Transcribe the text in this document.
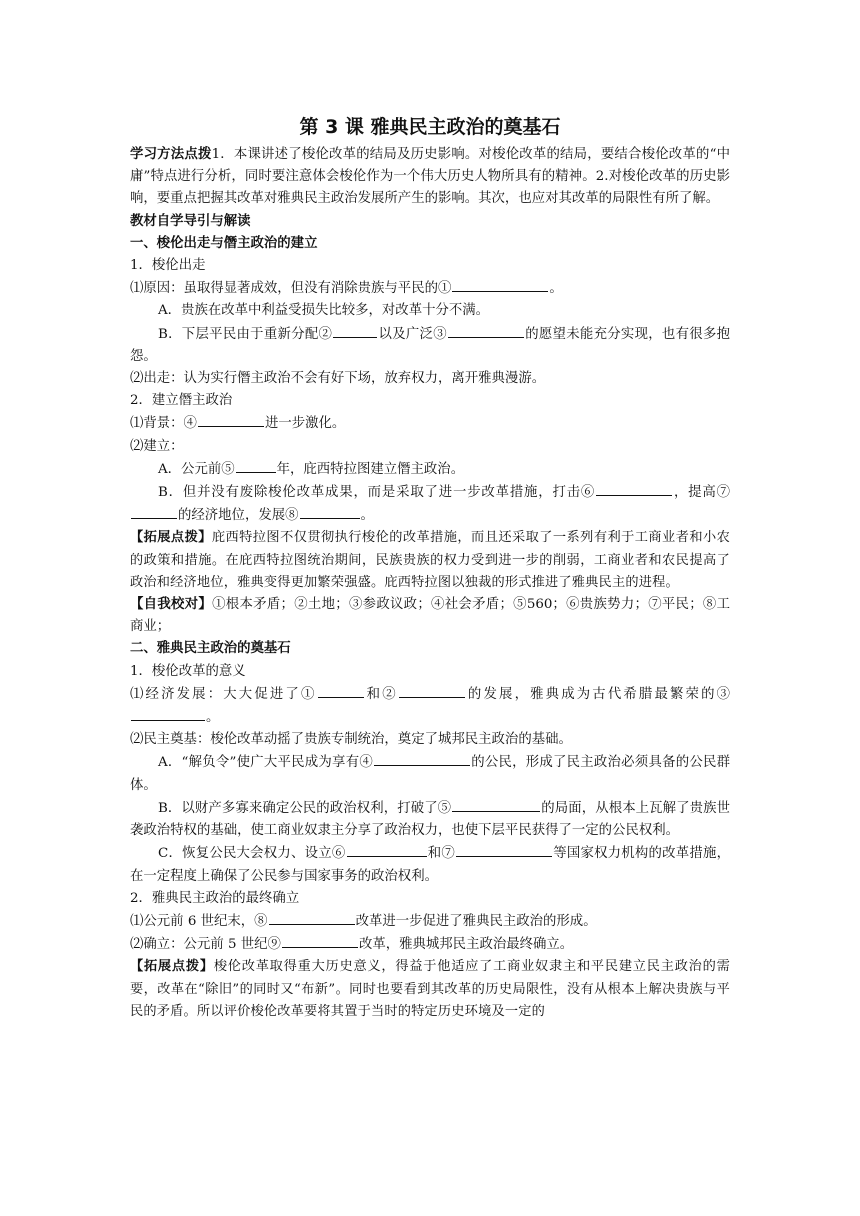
第 3 课 雅典民主政治的奠基石

学习方法点拨1．本课讲述了梭伦改革的结局及历史影响。对梭伦改革的结局，要结合梭伦改革的“中庸”特点进行分析，同时要注意体会梭伦作为一个伟大历史人物所具有的精神。2.对梭伦改革的历史影响，要重点把握其改革对雅典民主政治发展所产生的影响。其次，也应对其改革的局限性有所了解。

教材自学导引与解读

一、梭伦出走与僭主政治的建立

1．梭伦出走

⑴原因：虽取得显著成效，但没有消除贵族与平民的①	。

A．贵族在改革中利益受损失比较多，对改革十分不满。

B．下层平民由于重新分配②	以及广泛③	的愿望未能充分实现，也有很多抱怨。

⑵出走：认为实行僭主政治不会有好下场，放弃权力，离开雅典漫游。

2．建立僭主政治

⑴背景：④	进一步激化。

⑵建立：

A．公元前⑤	年，庇西特拉图建立僭主政治。

B．但并没有废除梭伦改革成果，而是采取了进一步改革措施，打击⑥	，提高⑦的经济地位，发展⑧	。

【拓展点拨】庇西特拉图不仅贯彻执行梭伦的改革措施，而且还采取了一系列有利于工商业者和小农的政策和措施。在庇西特拉图统治期间，民族贵族的权力受到进一步的削弱，工商业者和农民提高了政治和经济地位，雅典变得更加繁荣强盛。庇西特拉图以独裁的形式推进了雅典民主的进程。

【自我校对】①根本矛盾；②土地；③参政议政；④社会矛盾；⑤560；⑥贵族势力；⑦平民；⑧工商业；

二、雅典民主政治的奠基石

1．梭伦改革的意义

⑴经济发展：大大促进了①	和②	的发展，雅典成为古代希腊最繁荣的③。

⑵民主奠基：梭伦改革动摇了贵族专制统治，奠定了城邦民主政治的基础。

A．“解负令”使广大平民成为享有④	的公民，形成了民主政治必须具备的公民群体。

B．以财产多寡来确定公民的政治权利，打破了⑤	的局面，从根本上瓦解了贵族世袭政治特权的基础，使工商业奴隶主分享了政治权力，也使下层平民获得了一定的公民权利。

C．恢复公民大会权力、设立⑥	和⑦	等国家权力机构的改革措施，在一定程度上确保了公民参与国家事务的政治权利。

2．雅典民主政治的最终确立

⑴公元前 6 世纪末，⑧	改革进一步促进了雅典民主政治的形成。

⑵确立：公元前 5 世纪⑨	改革，雅典城邦民主政治最终确立。

【拓展点拨】梭伦改革取得重大历史意义，得益于他适应了工商业奴隶主和平民建立民主政治的需要，改革在“除旧”的同时又“布新”。同时也要看到其改革的历史局限性，没有从根本上解决贵族与平民的矛盾。所以评价梭伦改革要将其置于当时的特定历史环境及一定的
